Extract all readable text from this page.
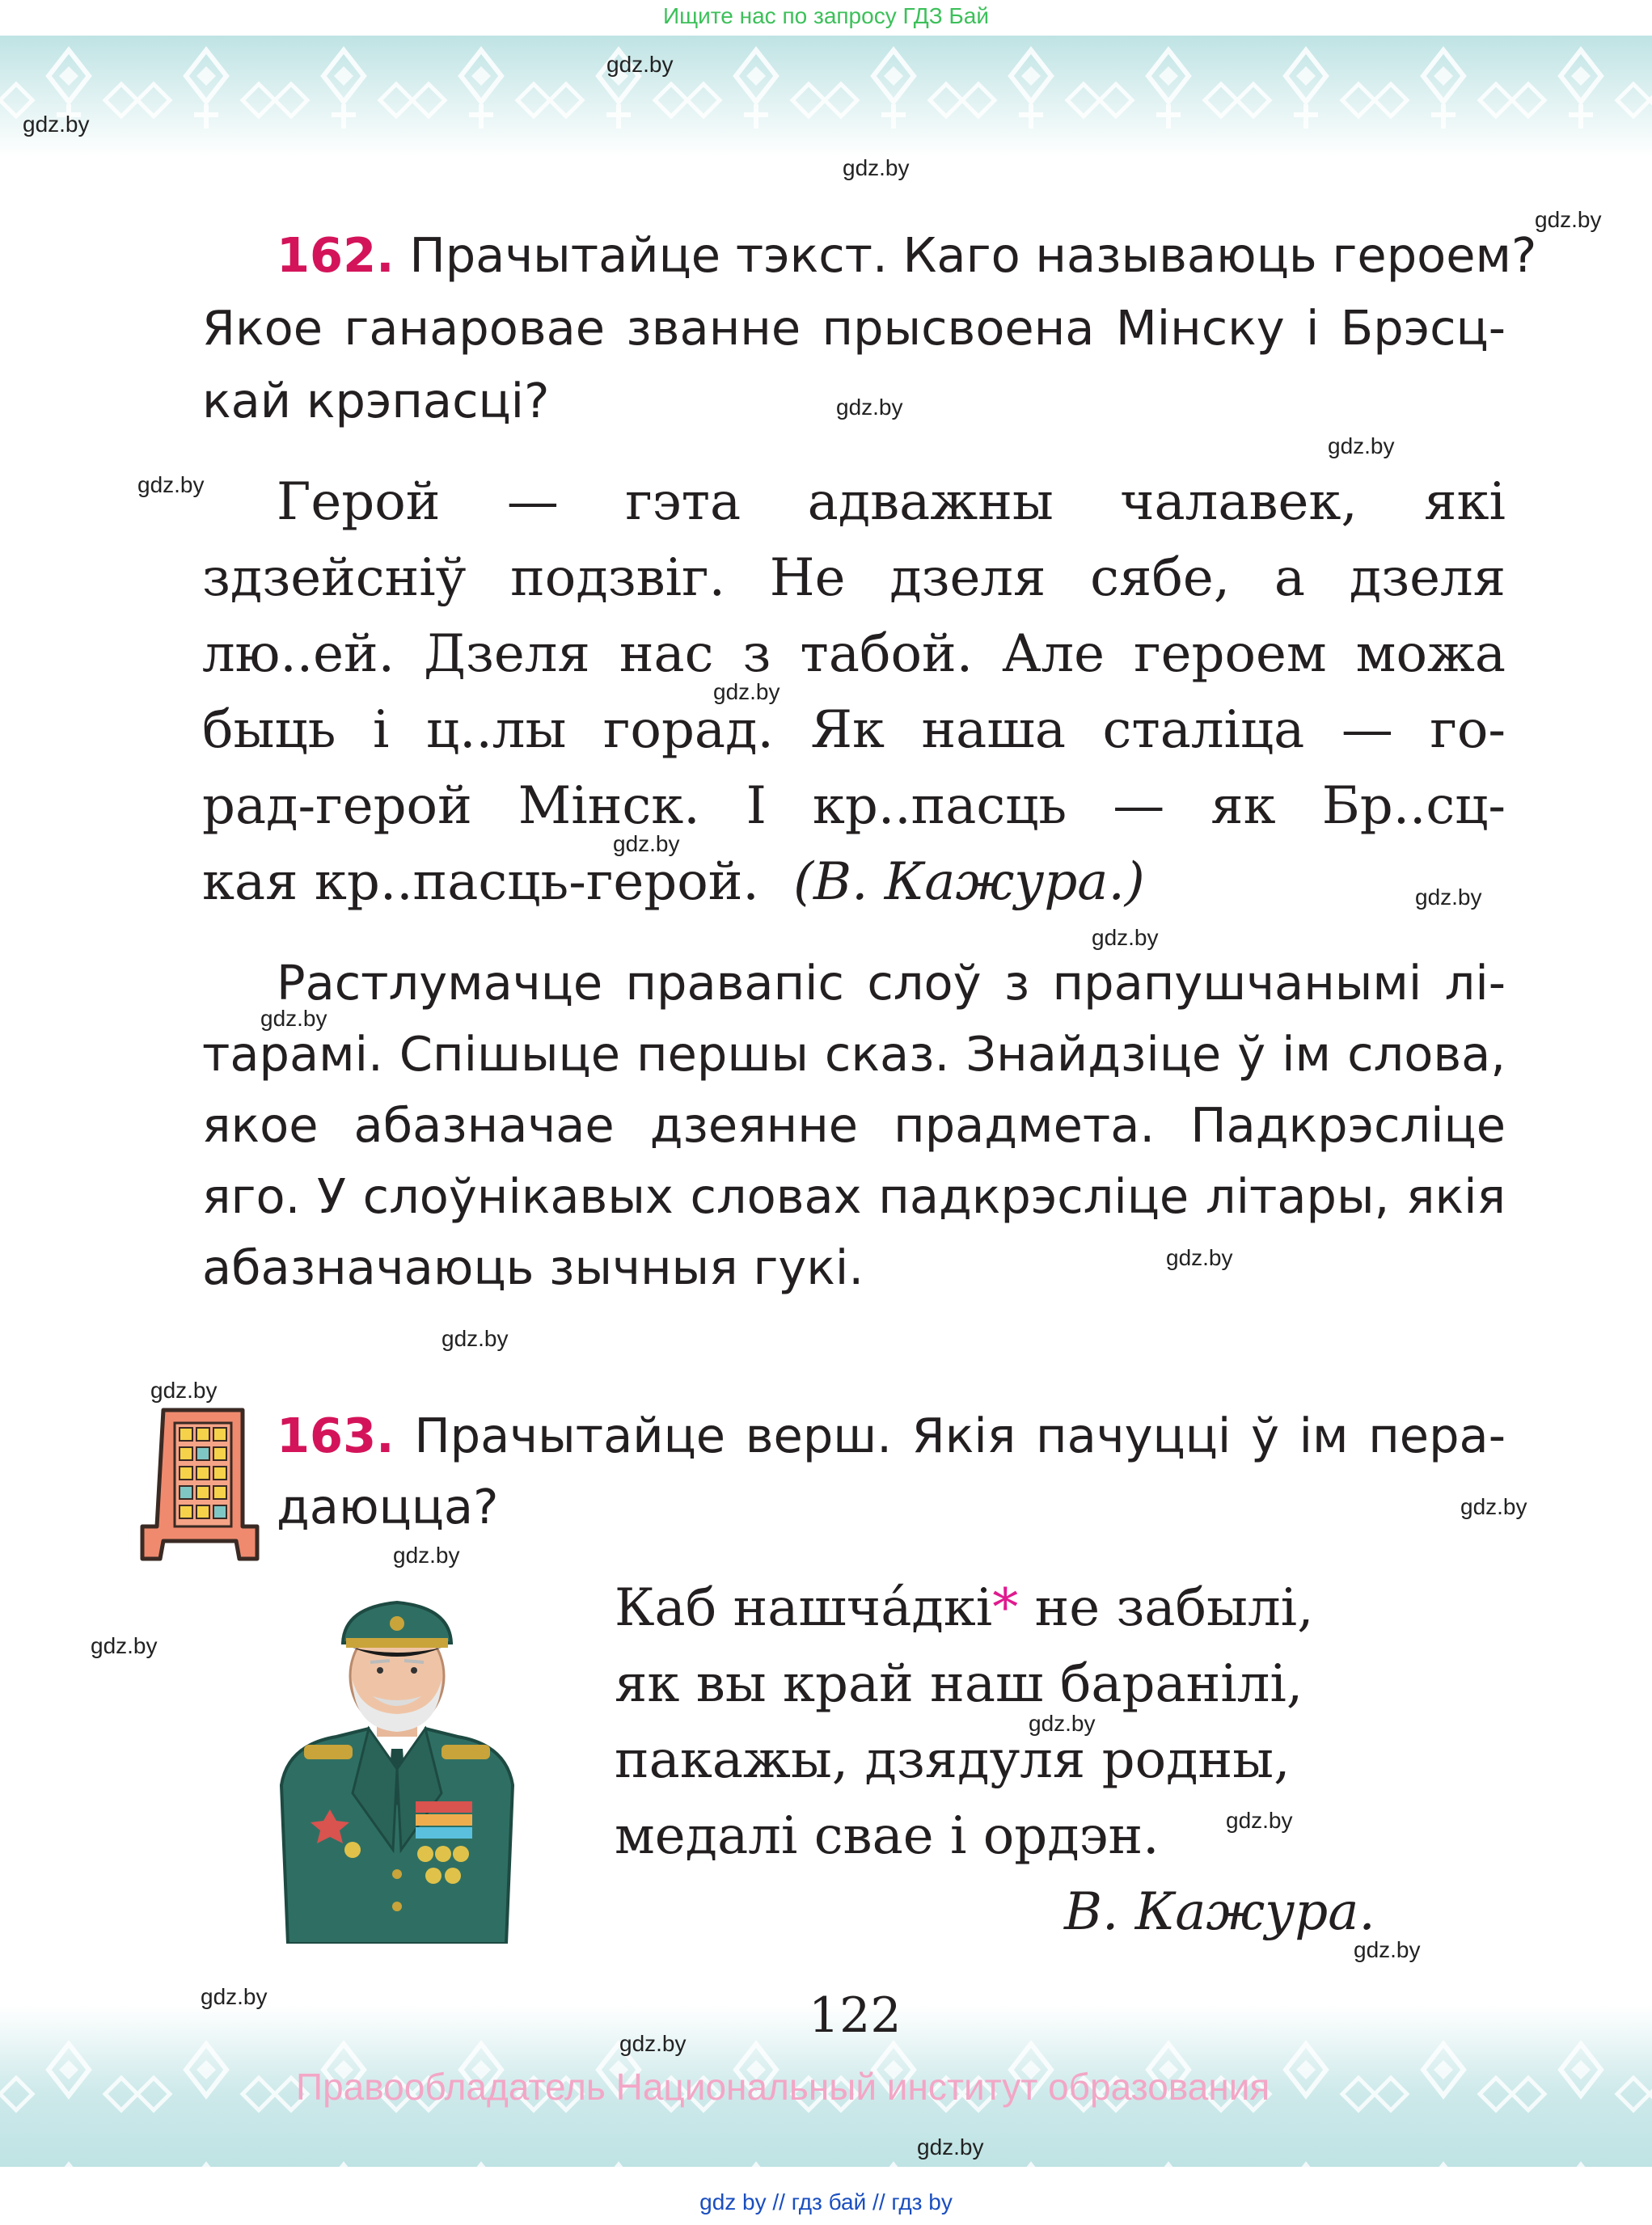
Ищите нас по запросу ГДЗ Бай
gdz.by
gdz.by
gdz.by
gdz.by
gdz.by
gdz.by
gdz.by
gdz.by
gdz.by
gdz.by
gdz.by
gdz.by
gdz.by
gdz.by
gdz.by
gdz.by
gdz.by
gdz.by
gdz.by
gdz.by
gdz.by
gdz.by
gdz.by
gdz.by
162. Прачытайце тэкст. Каго называюць героем?
Якое ганаровае званне прысвоена Мінску і Брэсц-
кай крэпасці?
Герой — гэта адважны чалавек, які
здзейсніў подзвіг. Не дзеля сябе, а дзеля
лю..ей. Дзеля нас з табой. Але героем можа
быць і ц..лы горад. Як наша сталіца — го-
рад-герой Мінск. І кр..пасць — як Бр..сц-
кая кр..пасць-герой. (В. Кажура.)
Растлумачце правапіс слоў з прапушчанымі лі-
тарамі. Спішыце першы сказ. Знайдзіце ў ім слова,
якое абазначае дзеянне прадмета. Падкрэсліце
яго. У слоўнікавых словах падкрэсліце літары, якія
абазначаюць зычныя гукі.
163. Прачытайце верш. Якія пачуцці ў ім пера-
даюцца?
Каб нашча́дкі* не забылі,
як вы край наш баранілі,
пакажы, дзядуля родны,
медалі свае і ордэн.
В. Кажура.
122
Правообладатель Национальный институт образования
gdz by // гдз бай // гдз by
